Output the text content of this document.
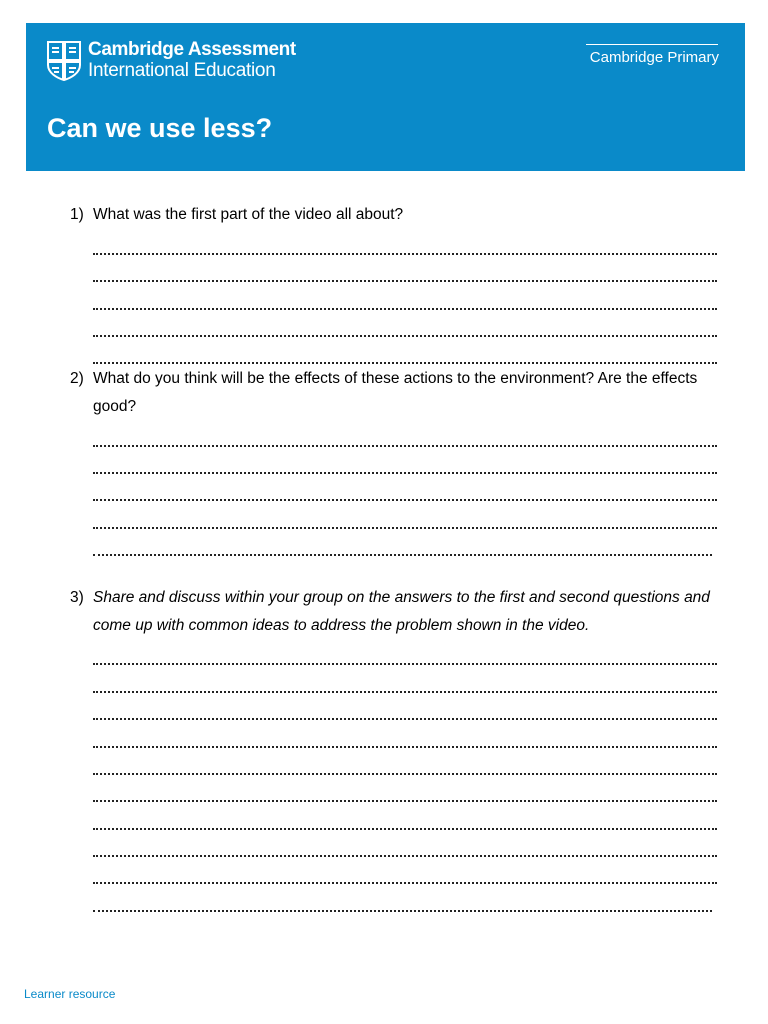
Cambridge Assessment
International Education
Cambridge Primary
Can we use less?
1) What was the first part of the video all about?
2) What do you think will be the effects of these actions to the environment? Are the effects good?
3) Share and discuss within your group on the answers to the first and second questions and come up with common ideas to address the problem shown in the video.
Learner resource
